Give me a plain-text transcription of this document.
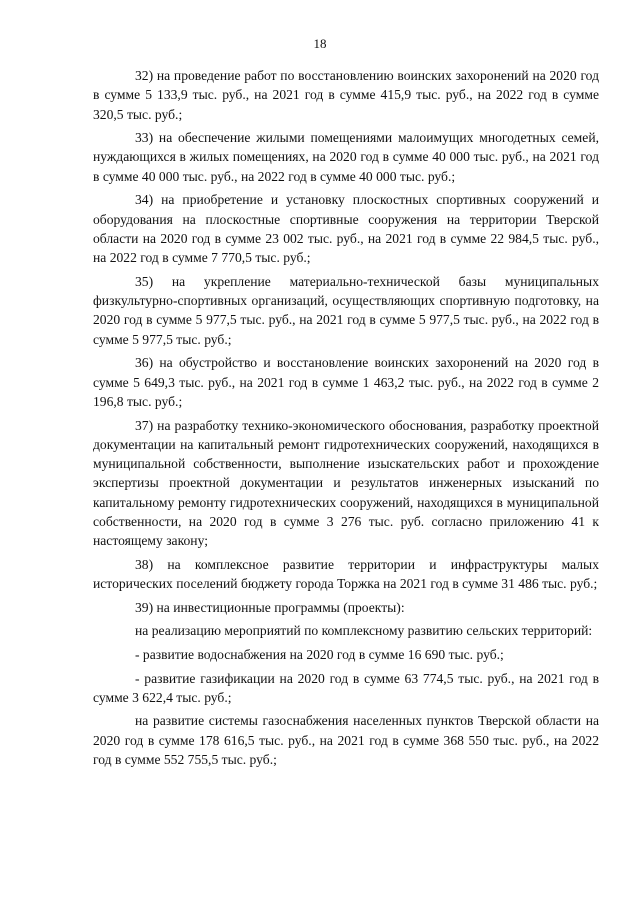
18

32) на проведение работ по восстановлению воинских захоронений на 2020 год в сумме 5 133,9 тыс. руб., на 2021 год в сумме 415,9 тыс. руб., на 2022 год в сумме 320,5 тыс. руб.;

33) на обеспечение жилыми помещениями малоимущих многодетных семей, нуждающихся в жилых помещениях, на 2020 год в сумме 40 000 тыс. руб., на 2021 год в сумме 40 000 тыс. руб., на 2022 год в сумме 40 000 тыс. руб.;

34) на приобретение и установку плоскостных спортивных сооружений и оборудования на плоскостные спортивные сооружения на территории Тверской области на 2020 год в сумме 23 002 тыс. руб., на 2021 год в сумме 22 984,5 тыс. руб., на 2022 год в сумме 7 770,5 тыс. руб.;

35) на укрепление материально-технической базы муниципальных физкультурно-спортивных организаций, осуществляющих спортивную подготовку, на 2020 год в сумме 5 977,5 тыс. руб., на 2021 год в сумме 5 977,5 тыс. руб., на 2022 год в сумме 5 977,5 тыс. руб.;

36) на обустройство и восстановление воинских захоронений на 2020 год в сумме 5 649,3 тыс. руб., на 2021 год в сумме 1 463,2 тыс. руб., на 2022 год в сумме 2 196,8 тыс. руб.;

37) на разработку технико-экономического обоснования, разработку проектной документации на капитальный ремонт гидротехнических сооружений, находящихся в муниципальной собственности, выполнение изыскательских работ и прохождение экспертизы проектной документации и результатов инженерных изысканий по капитальному ремонту гидротехнических сооружений, находящихся в муниципальной собственности, на 2020 год в сумме 3 276 тыс. руб. согласно приложению 41 к настоящему закону;

38) на комплексное развитие территории и инфраструктуры малых исторических поселений бюджету города Торжка на 2021 год в сумме 31 486 тыс. руб.;

39) на инвестиционные программы (проекты):

на реализацию мероприятий по комплексному развитию сельских территорий:

- развитие водоснабжения на 2020 год в сумме 16 690 тыс. руб.;

- развитие газификации на 2020 год в сумме 63 774,5 тыс. руб., на 2021 год в сумме 3 622,4 тыс. руб.;

на развитие системы газоснабжения населенных пунктов Тверской области на 2020 год в сумме 178 616,5 тыс. руб., на 2021 год в сумме 368 550 тыс. руб., на 2022 год в сумме 552 755,5 тыс. руб.;
